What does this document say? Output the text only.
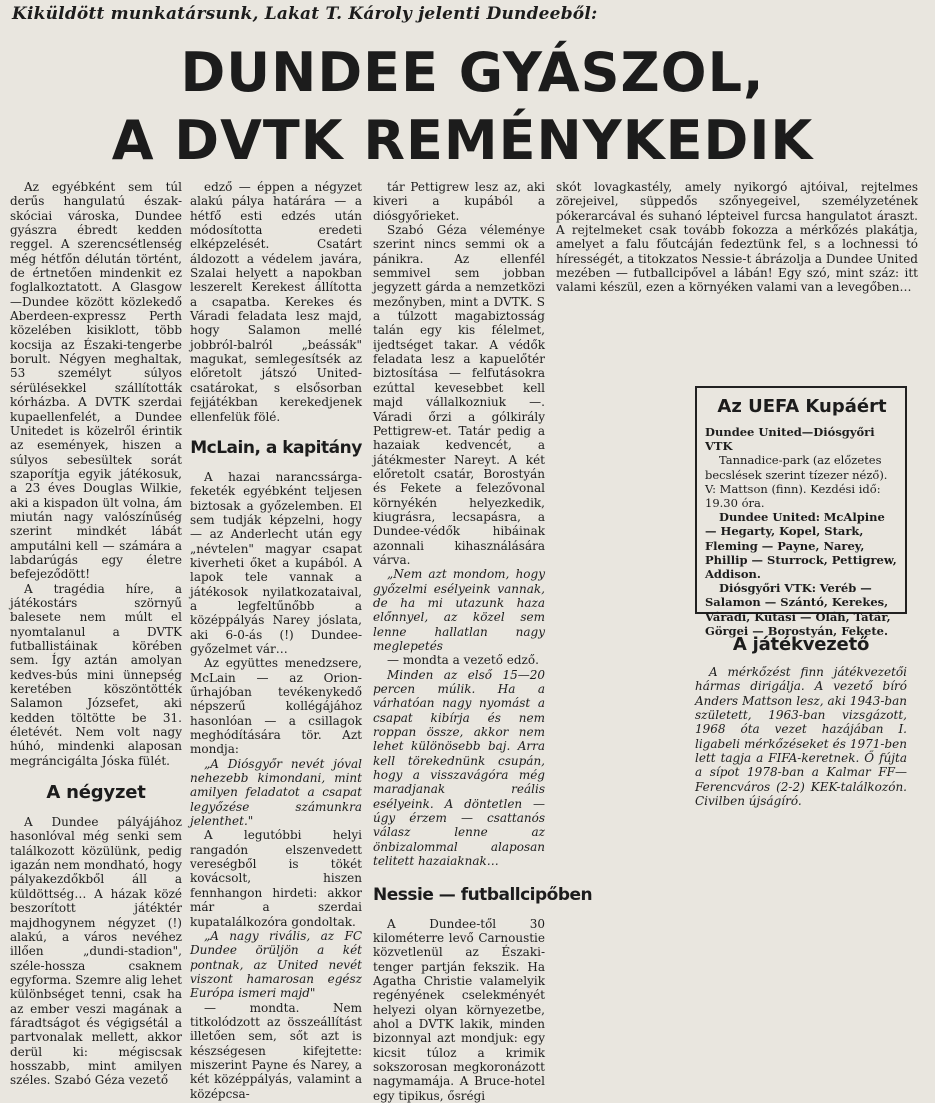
Kiküldött munkatársunk, Lakat T. Károly jelenti Dundeeből:
DUNDEE GYÁSZOL,
A DVTK REMÉNYKEDIK

Az egyébként sem túl derűs hangulatú észak-skóciai városka, Dundee gyászra ébredt kedden reggel. A szerencsétlenség még hétfőn délután történt, de értnetően mindenkit ez foglalkoztatott. A Glasgow—Dundee között közlekedő Aberdeen-expressz Perth közelében kisiklott, több kocsija az Északi-tengerbe borult. Négyen meghaltak, 53 személyt súlyos sérülésekkel szállították kórházba. A DVTK szerdai kupaellenfelét, a Dundee Unitedet is közelről érintik az események, hiszen a súlyos sebesültek sorát szaporítja egyik játékosuk, a 23 éves Douglas Wilkie, aki a kispadon ült volna, ám miután nagy valószínűség szerint mindkét lábát amputálni kell — számára a labdarúgás egy életre befejeződött!

A tragédia híre, a játékostárs szörnyű balesete nem múlt el nyomtalanul a DVTK futballistáinak körében sem. Így aztán amolyan kedves-bús mini ünnepség keretében köszöntötték Salamon Józsefet, aki kedden töltötte be 31. életévét. Nem volt nagy húhó, mindenki alaposan megráncigálta Jóska fülét.

A négyzet

A Dundee pályájához hasonlóval még senki sem találkozott közülünk, pedig igazán nem mondható, hogy pályakezdőkből áll a küldöttség… A házak közé beszorított játéktér majdhogynem négyzet (!) alakú, a város nevéhez illően „dundi-stadion", széle-hossza csaknem egyforma. Szemre alig lehet különbséget tenni, csak ha az ember veszi magának a fáradtságot és végigsétál a partvonalak mellett, akkor derül ki: mégiscsak hosszabb, mint amilyen széles. Szabó Géza vezető

edző — éppen a négyzet alakú pálya határára — a hétfő esti edzés után módosította eredeti elképzelését. Csatárt áldozott a védelem javára, Szalai helyett a napokban leszerelt Kerekest állította a csapatba. Kerekes és Váradi feladata lesz majd, hogy Salamon mellé jobbról-balról „beássák" magukat, semlegesítsék az előretolt játszó United-csatárokat, s elsősorban fejjátékban kerekedjenek ellenfelük fölé.

McLain, a kapitány

A hazai narancssárga-feketék egyébként teljesen biztosak a győzelemben. El sem tudják képzelni, hogy — az Anderlecht után egy „névtelen" magyar csapat kiverheti őket a kupából. A lapok tele vannak a játékosok nyilatkozataival, a legfeltűnőbb a középpályás Narey jóslata, aki 6-0-ás (!) Dundee-győzelmet vár…

Az együttes menedzsere, McLain — az Orion-űrhajóban tevékenykedő népszerű kollégájához hasonlóan — a csillagok meghódítására tör. Azt mondja:

„A Diósgyőr nevét jóval nehezebb kimondani, mint amilyen feladatot a csapat legyőzése számunkra jelenthet."

A legutóbbi helyi rangadón elszenvedett vereségből is tökét kovácsolt, hiszen fennhangon hirdeti: akkor már a szerdai kupatalálkozóra gondoltak.

„A nagy rivális, az FC Dundee örüljön a két pontnak, az United nevét viszont hamarosan egész Európa ismeri majd"

— mondta. Nem titkolódzott az összeállítást illetően sem, sőt azt is készségesen kifejtette: miszerint Payne és Narey, a két középpályás, valamint a középcsa-

tár Pettigrew lesz az, aki kiveri a kupából a diósgyőrieket.

Szabó Géza véleménye szerint nincs semmi ok a pánikra. Az ellenfél semmivel sem jobban jegyzett gárda a nemzetközi mezőnyben, mint a DVTK. S a túlzott magabiztosság talán egy kis félelmet, ijedtséget takar. A védők feladata lesz a kapuelőtér biztosítása — felfutásokra ezúttal kevesebbet kell majd vállalkozniuk —. Váradi őrzi a gólkirály Pettigrew-et. Tatár pedig a hazaiak kedvencét, a játékmester Nareyt. A két előretolt csatár, Borostyán és Fekete a felezővonal környékén helyezkedik, kiugrásra, lecsapásra, a Dundee-védők hibáinak azonnali kihasználására várva.

„Nem azt mondom, hogy győzelmi esélyeink vannak, de ha mi utazunk haza előnnyel, az közel sem lenne hallatlan nagy meglepetés

— mondta a vezető edző.

Minden az első 15—20 percen múlik. Ha a várhatóan nagy nyomást a csapat kibírja és nem roppan össze, akkor nem lehet különösebb baj. Arra kell törekednünk csupán, hogy a visszavágóra még maradjanak reális esélyeink. A döntetlen — úgy érzem — csattanós válasz lenne az önbizalommal alaposan telitett hazaiaknak…

Nessie — futballcipőben

A Dundee-től 30 kilométerre levő Carnoustie közvetlenül az Északi-tenger partján fekszik. Ha Agatha Christie valamelyik regényének cselekményét helyezi olyan környezetbe, ahol a DVTK lakik, minden bizonnyal azt mondjuk: egy kicsit túloz a krimik sokszorosan megkoronázott nagymamája. A Bruce-hotel egy tipikus, ősrégi

skót lovagkastély, amely nyikorgó ajtóival, rejtelmes zörejeivel, süppedős szőnyegeivel, személyzetének pókerarcával és suhanó lépteivel furcsa hangulatot áraszt. A rejtelmeket csak tovább fokozza a mérkőzés plakátja, amelyet a falu főutcáján fedeztünk fel, s a lochnessi tó hírességét, a titokzatos Nessie-t ábrázolja a Dundee United mezében — futballcipővel a lábán! Egy szó, mint száz: itt valami készül, ezen a környéken valami van a levegőben…

Az UEFA Kupáért

Dundee United—Diósgyőri VTK

Tannadice-park (az előzetes becslések szerint tízezer néző). V: Mattson (finn). Kezdési idő: 19.30 óra.

Dundee United: McAlpine — Hegarty, Kopel, Stark, Fleming — Payne, Narey, Phillip — Sturrock, Pettigrew, Addison.

Diósgyőri VTK: Veréb — Salamon — Szántó, Kerekes, Váradi, Kutasi — Oláh, Tatár, Görgei — Borostyán, Fekete.

A játékvezető

A mérkőzést finn játékvezetői hármas dirigálja. A vezető bíró Anders Mattson lesz, aki 1943-ban született, 1963-ban vizsgázott, 1968 óta vezet hazájában I. ligabeli mérkőzéseket és 1971-ben lett tagja a FIFA-keretnek. Ő fújta a sípot 1978-ban a Kalmar FF—Ferencváros (2-2) KEK-találkozón. Civilben újságíró.
